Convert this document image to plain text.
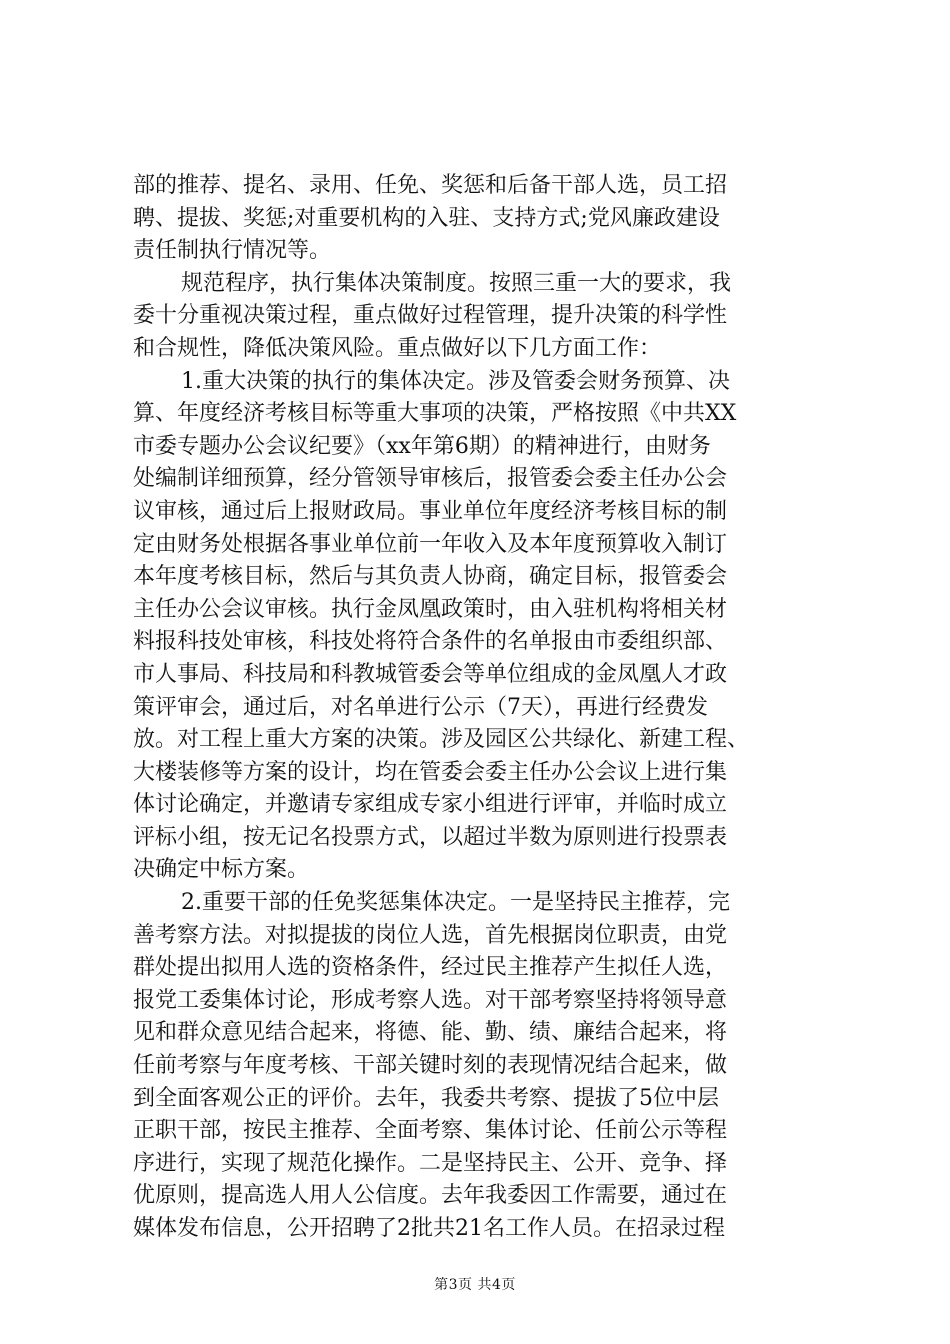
部的推荐、提名、录用、任免、奖惩和后备干部人选，员工招
聘、提拔、奖惩;对重要机构的入驻、支持方式;党风廉政建设
责任制执行情况等。
规范程序，执行集体决策制度。按照三重一大的要求，我
委十分重视决策过程，重点做好过程管理，提升决策的科学性
和合规性，降低决策风险。重点做好以下几方面工作：
1.重大决策的执行的集体决定。涉及管委会财务预算、决
算、年度经济考核目标等重大事项的决策，严格按照《中共XX
市委专题办公会议纪要》（xx年第6期）的精神进行，由财务
处编制详细预算，经分管领导审核后，报管委会委主任办公会
议审核，通过后上报财政局。事业单位年度经济考核目标的制
定由财务处根据各事业单位前一年收入及本年度预算收入制订
本年度考核目标，然后与其负责人协商，确定目标，报管委会
主任办公会议审核。执行金凤凰政策时，由入驻机构将相关材
料报科技处审核，科技处将符合条件的名单报由市委组织部、
市人事局、科技局和科教城管委会等单位组成的金凤凰人才政
策评审会，通过后，对名单进行公示（7天），再进行经费发
放。对工程上重大方案的决策。涉及园区公共绿化、新建工程、
大楼装修等方案的设计，均在管委会委主任办公会议上进行集
体讨论确定，并邀请专家组成专家小组进行评审，并临时成立
评标小组，按无记名投票方式，以超过半数为原则进行投票表
决确定中标方案。
2.重要干部的任免奖惩集体决定。一是坚持民主推荐，完
善考察方法。对拟提拔的岗位人选，首先根据岗位职责，由党
群处提出拟用人选的资格条件，经过民主推荐产生拟任人选，
报党工委集体讨论，形成考察人选。对干部考察坚持将领导意
见和群众意见结合起来，将德、能、勤、绩、廉结合起来，将
任前考察与年度考核、干部关键时刻的表现情况结合起来，做
到全面客观公正的评价。去年，我委共考察、提拔了5位中层
正职干部，按民主推荐、全面考察、集体讨论、任前公示等程
序进行，实现了规范化操作。二是坚持民主、公开、竞争、择
优原则，提高选人用人公信度。去年我委因工作需要，通过在
媒体发布信息，公开招聘了2批共21名工作人员。在招录过程
第3页 共4页
